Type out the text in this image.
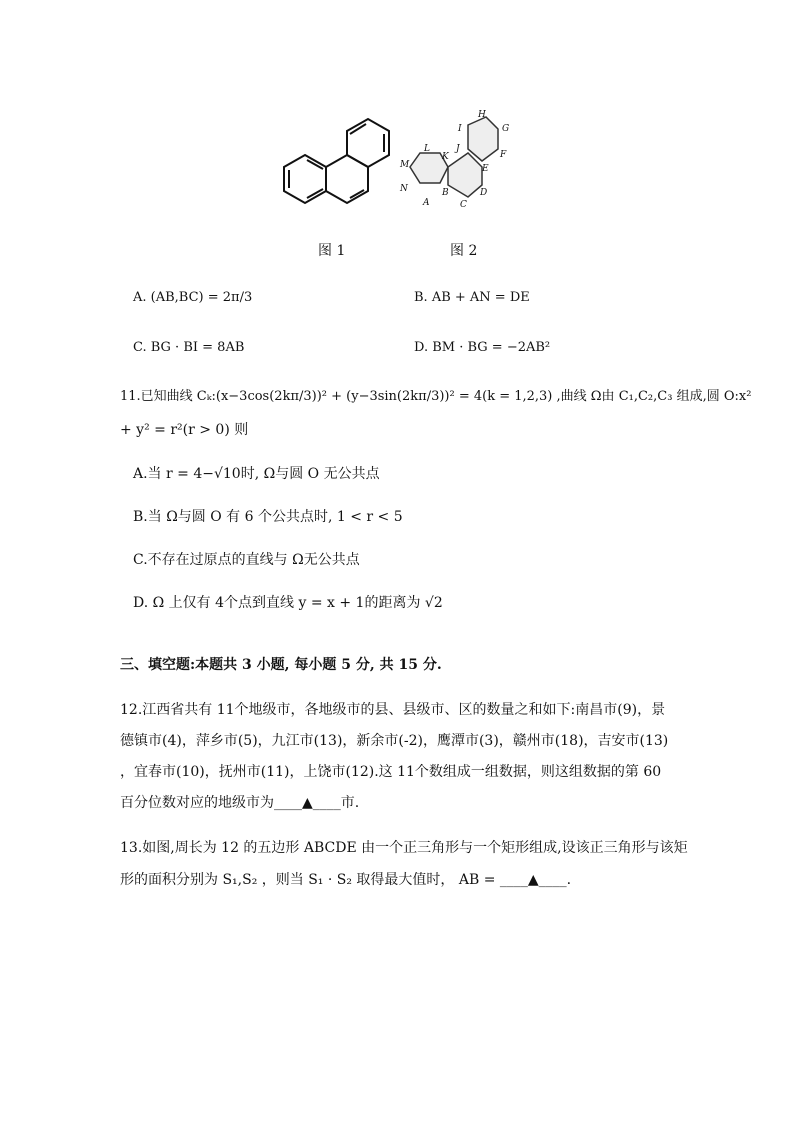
A
B
C
D
E
F
G
H
I
J
K
L
M
N
图 1	图 2
A. (AB,BC) = 2π/3	B. AB + AN = DE
C. BG · BI = 8AB	D. BM · BG = −2AB²
11.已知曲线 Cₖ:(x−3cos(2kπ/3))² + (y−3sin(2kπ/3))² = 4(k = 1,2,3) ,曲线 Ω由 C₁,C₂,C₃ 组成,圆 O:x²
+ y² = r²(r > 0) 则
A.当 r = 4−√10时, Ω与圆 O 无公共点
B.当 Ω与圆 O 有 6 个公共点时, 1 < r < 5
C.不存在过原点的直线与 Ω无公共点
D. Ω 上仅有 4个点到直线 y = x + 1的距离为 √2
三、填空题:本题共 3 小题, 每小题 5 分, 共 15 分.
12.江西省共有 11个地级市，各地级市的县、县级市、区的数量之和如下:南昌市(9)，景
德镇市(4)，萍乡市(5)，九江市(13)，新余市(-2)，鹰潭市(3)，赣州市(18)，吉安市(13)
，宜春市(10)，抚州市(11)，上饶市(12).这 11个数组成一组数据，则这组数据的第 60
百分位数对应的地级市为____▲____市.
13.如图,周长为 12 的五边形 ABCDE 由一个正三角形与一个矩形组成,设该正三角形与该矩
形的面积分别为 S₁,S₂ ，则当 S₁ · S₂ 取得最大值时， AB = ____▲____.
